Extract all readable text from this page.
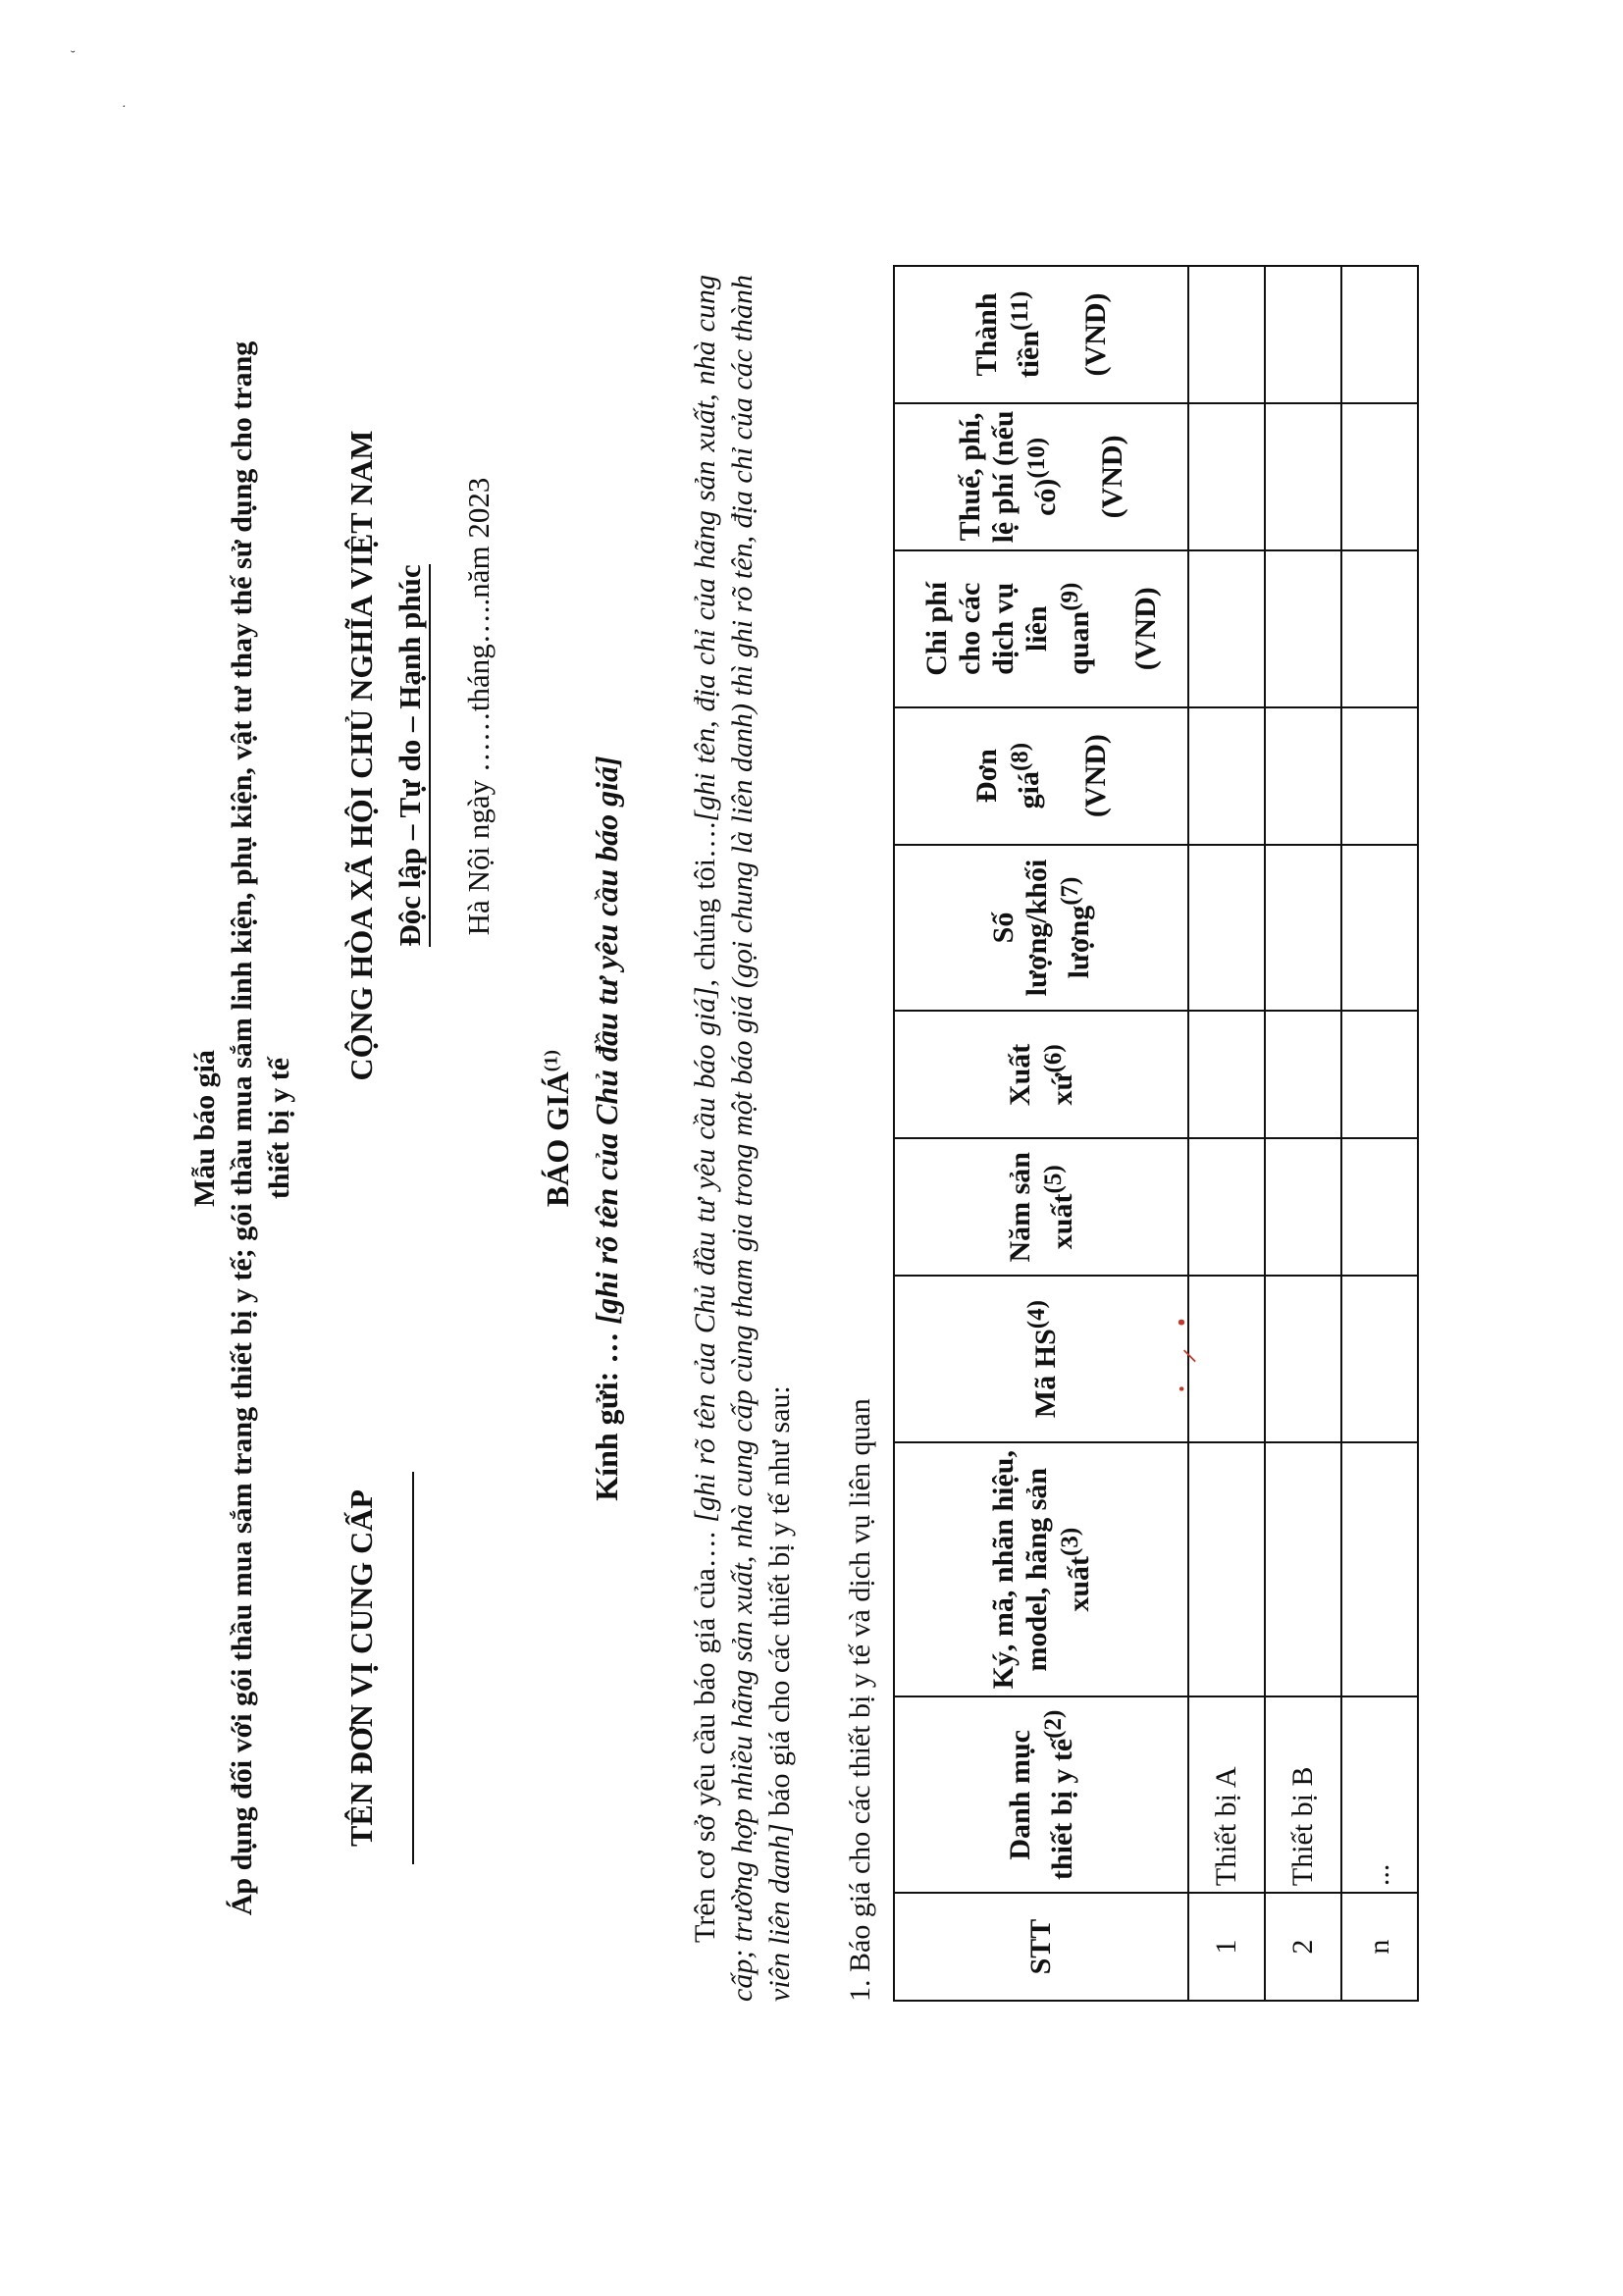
˘
·
Mẫu báo giá Áp dụng đối với gói thầu mua sắm trang thiết bị y tế; gói thầu mua sắm linh kiện, phụ kiện, vật tư thay thế sử dụng cho trang thiết bị y tế
TÊN ĐƠN VỊ CUNG CẤP
CỘNG HÒA XÃ HỘI CHỦ NGHĨA VIỆT NAM Độc lập – Tự do – Hạnh phúc Hà Nội ngày ……tháng…..năm 2023
BÁO GIÁ$^{(1)}$
Kính gửi: … [ghi rõ tên của Chủ đầu tư yêu cầu báo giá]
Trên cơ sở yêu cầu báo giá của…. [ghi rõ tên của Chủ đầu tư yêu cầu báo giá], chúng tôi….[ghi tên, địa chỉ của hãng sản xuất, nhà cung cấp; trường hợp nhiều hãng sản xuất, nhà cung cấp cùng tham gia trong một báo giá (gọi chung là liên danh) thì ghi rõ tên, địa chỉ của các thành viên liên danh] báo giá cho các thiết bị y tế như sau: 1. Báo giá cho các thiết bị y tế và dịch vụ liên quan	STT	Danh mục thiết bị y tế$^{(2)}$	Ký, mã, nhãn hiệu, model, hãng sản xuất$^{(3)}$	Mã HS$^{(4)}$	Năm sản xuất$^{(5)}$	Xuất xứ$^{(6)}$	Số lượng/khối lượng$^{(7)}$	Đơn giá$^{(8)}$ (VND)	Chi phí cho các dịch vụ liên quan$^{(9)}$ (VND)	Thuế, phí, lệ phí (nếu có)$^{(10)}$ (VND)	Thành tiền$^{(11)}$ (VND)
1	Thiết bị A									
2	Thiết bị B									
n	...									
⸱ ⸝ ꞏ
